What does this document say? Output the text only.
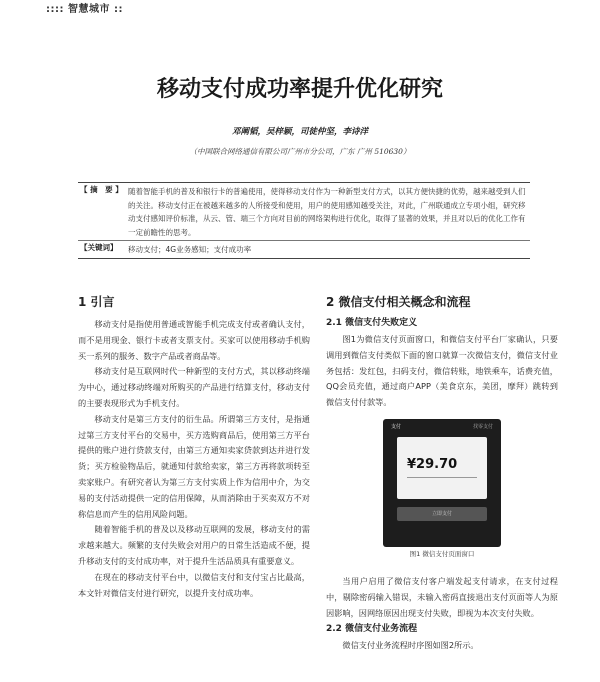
:::: 智慧城市 ::
移动支付成功率提升优化研究
邓阐韬，吴梓颖，司徒仲坚，李诗洋
（中国联合网络通信有限公司广州市分公司，广东 广州 510630）
【 摘　要 】 随着智能手机的普及和银行卡的普遍使用，使得移动支付作为一种新型支付方式，以其方便快捷的优势，越来越受到人们的关注。移动支付正在被越来越多的人所接受和使用，用户的使用感知越受关注，对此，广州联通成立专项小组，研究移动支付感知评价标准，从云、管、端三个方向对目前的网络架构进行优化，取得了显著的效果，并且对以后的优化工作有一定前瞻性的思考。
【关键词】	移动支付；4G业务感知；支付成功率
1 引言

移动支付是指使用普通或智能手机完成支付或者确认支付，而不是用现金、银行卡或者支票支付。买家可以使用移动手机购买一系列的服务、数字产品或者商品等。

移动支付是互联网时代一种新型的支付方式，其以移动终端为中心，通过移动终端对所购买的产品进行结算支付，移动支付的主要表现形式为手机支付。

移动支付是第三方支付的衍生品。所谓第三方支付，是指通过第三方支付平台的交易中，买方选购商品后，使用第三方平台提供的账户进行贷款支付，由第三方通知卖家贷款到达并进行发货；买方检验物品后，就通知付款给卖家，第三方再将款项转至卖家账户。有研究者认为第三方支付实质上作为信用中介，为交易的支付活动提供一定的信用保障，从而消除由于买卖双方不对称信息而产生的信用风险问题。

随着智能手机的普及以及移动互联网的发展，移动支付的需求越来越大。频繁的支付失败会对用户的日常生活造成不便，提升移动支付的支付成功率，对于提升生活品质具有重要意义。

在现在的移动支付平台中，以微信支付和支付宝占比最高，本文针对微信支付进行研究，以提升支付成功率。

2 微信支付相关概念和流程
2.1 微信支付失败定义

图1为微信支付页面窗口，和微信支付平台厂家确认，只要调用到微信支付类似下面的窗口就算一次微信支付，微信支付业务包括：发红包，扫码支付，微信转账，地铁乘车，话费充值，QQ会员充值，通过商户APP（美食京东，美团，摩拜）跳转到微信支付付款等。

支付	找零支付
¥29.70
立即支付
图1 微信支付页面窗口

当用户启用了微信支付客户端发起支付请求，在支付过程中，剔除密码输入错误，未输入密码直接退出支付页面等人为原因影响，因网络原因出现支付失败，即视为本次支付失败。

2.2 微信支付业务流程

微信支付业务流程时序图如图2所示。
